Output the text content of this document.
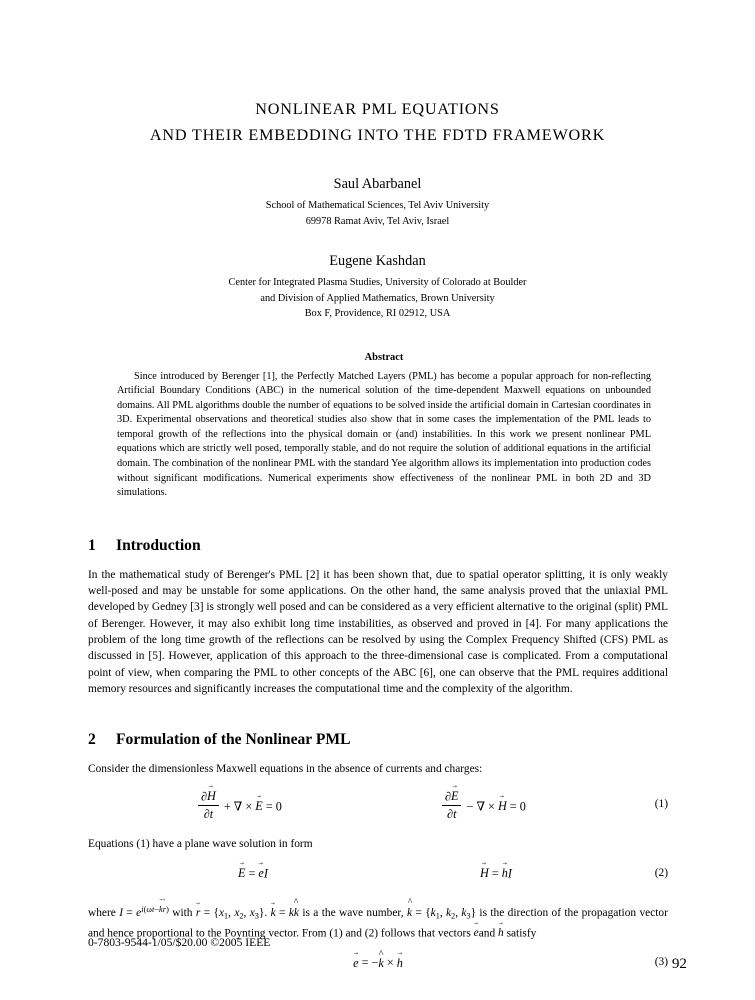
NONLINEAR PML EQUATIONS
AND THEIR EMBEDDING INTO THE FDTD FRAMEWORK
Saul Abarbanel
School of Mathematical Sciences, Tel Aviv University
69978 Ramat Aviv, Tel Aviv, Israel
Eugene Kashdan
Center for Integrated Plasma Studies, University of Colorado at Boulder
and Division of Applied Mathematics, Brown University
Box F, Providence, RI 02912, USA
Abstract
Since introduced by Berenger [1], the Perfectly Matched Layers (PML) has become a popular approach for non-reflecting Artificial Boundary Conditions (ABC) in the numerical solution of the time-dependent Maxwell equations on unbounded domains. All PML algorithms double the number of equations to be solved inside the artificial domain in Cartesian coordinates in 3D. Experimental observations and theoretical studies also show that in some cases the implementation of the PML leads to temporal growth of the reflections into the physical domain or (and) instabilities. In this work we present nonlinear PML equations which are strictly well posed, temporally stable, and do not require the solution of additional equations in the artificial domain. The combination of the nonlinear PML with the standard Yee algorithm allows its implementation into production codes without significant modifications. Numerical experiments show effectiveness of the nonlinear PML in both 2D and 3D simulations.
1	Introduction
In the mathematical study of Berenger's PML [2] it has been shown that, due to spatial operator splitting, it is only weakly well-posed and may be unstable for some applications. On the other hand, the same analysis proved that the uniaxial PML developed by Gedney [3] is strongly well posed and can be considered as a very efficient alternative to the original (split) PML of Berenger. However, it may also exhibit long time instabilities, as observed and proved in [4]. For many applications the problem of the long time growth of the reflections can be resolved by using the Complex Frequency Shifted (CFS) PML as discussed in [5]. However, application of this approach to the three-dimensional case is complicated. From a computational point of view, when comparing the PML to other concepts of the ABC [6], one can observe that the PML requires additional memory resources and significantly increases the computational time and the complexity of the algorithm.
2	Formulation of the Nonlinear PML
Consider the dimensionless Maxwell equations in the absence of currents and charges:
$\frac{\partial H \to}{\partial t}$ + ∇ × E → = 0	$\frac{\partial E \to}{\partial t}$ − ∇ × H → = 0	(1)
Equations (1) have a plane wave solution in form
E → = e →I	H → = h →I	(2)
where $I = e^{i(\omega t-k \to r \to)}$ with r → = {$x_1$, $x_2$, $x_3$}. k → = kk ^ is a the wave number, k ^ = {$k_1$, $k_2$, $k_3$} is the direction of the propagation vector and hence proportional to the Poynting vector. From (1) and (2) follows that vectors e →and h → satisfy
e → = −k ^ × h →	(3)
0-7803-9544-1/05/$20.00 ©2005 IEEE
92
